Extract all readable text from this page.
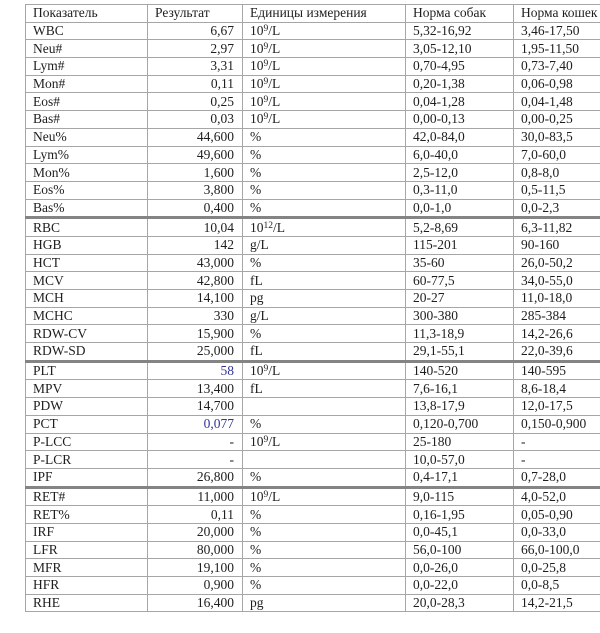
Показатель	Результат	Единицы измерения	Норма собак	Норма кошек
WBC	6,67	$10^9/L$	5,32-16,92	3,46-17,50
Neu#	2,97	$10^9/L$	3,05-12,10	1,95-11,50
Lym#	3,31	$10^9/L$	0,70-4,95	0,73-7,40
Mon#	0,11	$10^9/L$	0,20-1,38	0,06-0,98
Eos#	0,25	$10^9/L$	0,04-1,28	0,04-1,48
Bas#	0,03	$10^9/L$	0,00-0,13	0,00-0,25
Neu%	44,600	%	42,0-84,0	30,0-83,5
Lym%	49,600	%	6,0-40,0	7,0-60,0
Mon%	1,600	%	2,5-12,0	0,8-8,0
Eos%	3,800	%	0,3-11,0	0,5-11,5
Bas%	0,400	%	0,0-1,0	0,0-2,3
RBC	10,04	$10^{12}/L$	5,2-8,69	6,3-11,82
HGB	142	g/L	115-201	90-160
HCT	43,000	%	35-60	26,0-50,2
MCV	42,800	fL	60-77,5	34,0-55,0
MCH	14,100	pg	20-27	11,0-18,0
MCHC	330	g/L	300-380	285-384
RDW-CV	15,900	%	11,3-18,9	14,2-26,6
RDW-SD	25,000	fL	29,1-55,1	22,0-39,6
PLT	58	$10^9/L$	140-520	140-595
MPV	13,400	fL	7,6-16,1	8,6-18,4
PDW	14,700		13,8-17,9	12,0-17,5
PCT	0,077	%	0,120-0,700	0,150-0,900
P-LCC	-	$10^9/L$	25-180	-
P-LCR	-		10,0-57,0	-
IPF	26,800	%	0,4-17,1	0,7-28,0
RET#	11,000	$10^9/L$	9,0-115	4,0-52,0
RET%	0,11	%	0,16-1,95	0,05-0,90
IRF	20,000	%	0,0-45,1	0,0-33,0
LFR	80,000	%	56,0-100	66,0-100,0
MFR	19,100	%	0,0-26,0	0,0-25,8
HFR	0,900	%	0,0-22,0	0,0-8,5
RHE	16,400	pg	20,0-28,3	14,2-21,5
